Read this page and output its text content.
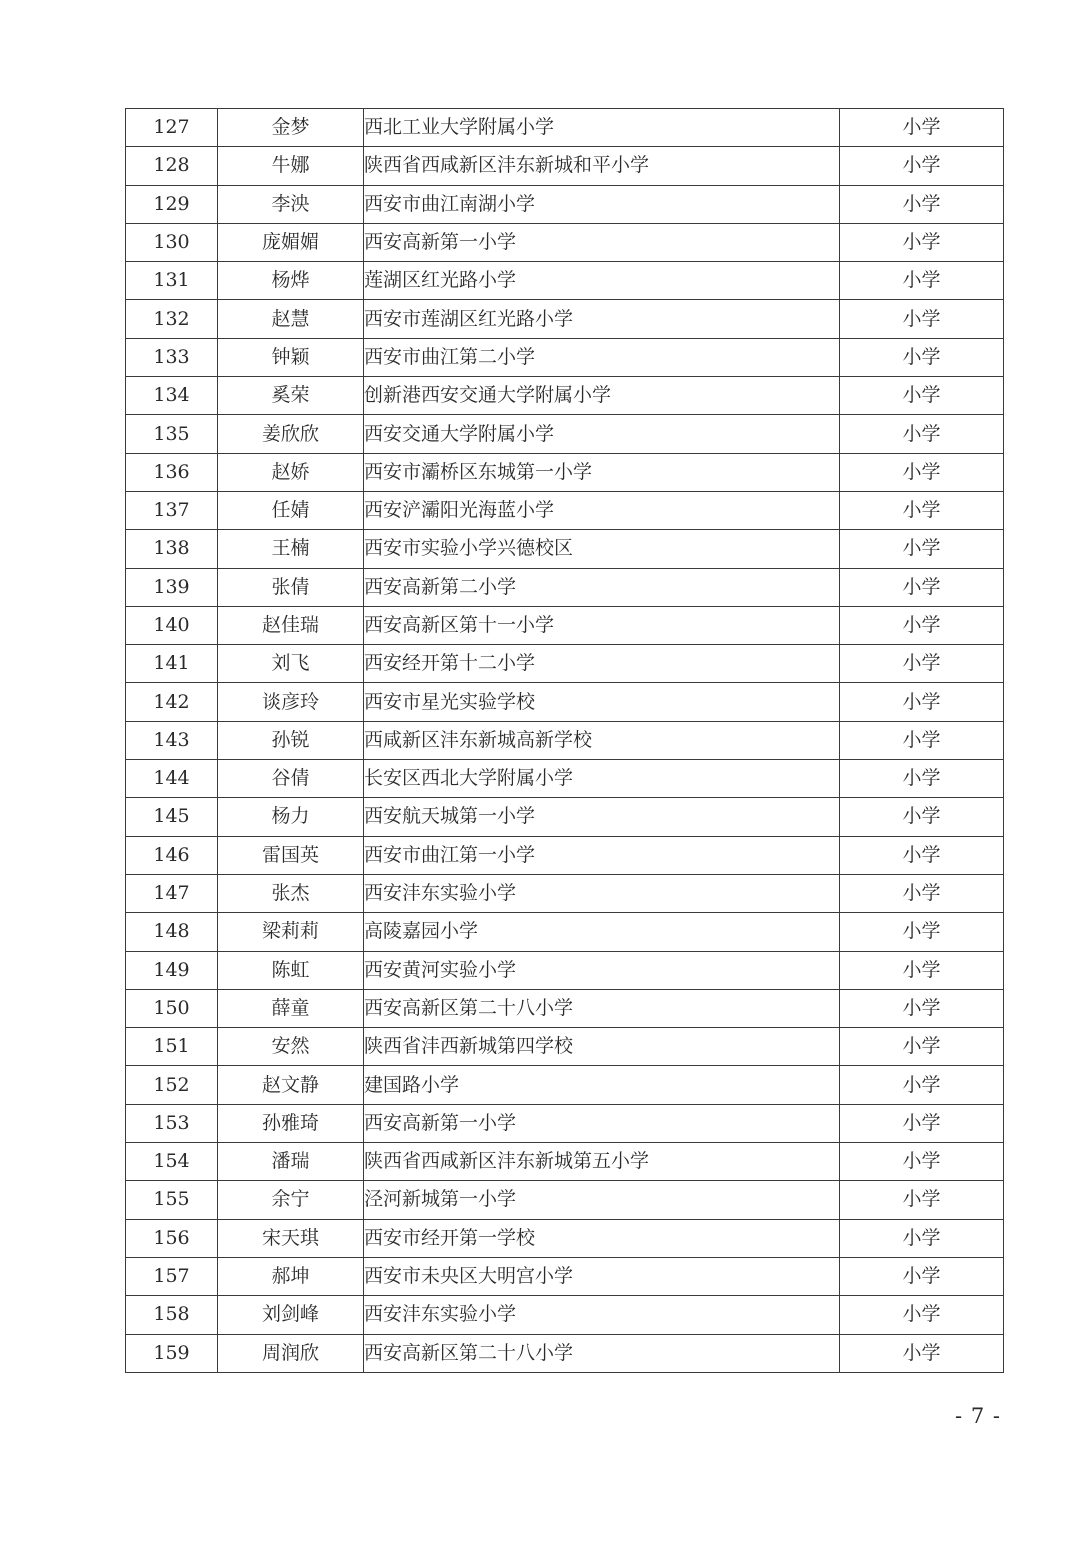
127	金梦	西北工业大学附属小学	小学
128	牛娜	陕西省西咸新区沣东新城和平小学	小学
129	李泱	西安市曲江南湖小学	小学
130	庞媚媚	西安高新第一小学	小学
131	杨烨	莲湖区红光路小学	小学
132	赵慧	西安市莲湖区红光路小学	小学
133	钟颖	西安市曲江第二小学	小学
134	奚荣	创新港西安交通大学附属小学	小学
135	姜欣欣	西安交通大学附属小学	小学
136	赵娇	西安市灞桥区东城第一小学	小学
137	任婧	西安浐灞阳光海蓝小学	小学
138	王楠	西安市实验小学兴德校区	小学
139	张倩	西安高新第二小学	小学
140	赵佳瑞	西安高新区第十一小学	小学
141	刘飞	西安经开第十二小学	小学
142	谈彦玲	西安市星光实验学校	小学
143	孙锐	西咸新区沣东新城高新学校	小学
144	谷倩	长安区西北大学附属小学	小学
145	杨力	西安航天城第一小学	小学
146	雷国英	西安市曲江第一小学	小学
147	张杰	西安沣东实验小学	小学
148	梁莉莉	高陵嘉园小学	小学
149	陈虹	西安黄河实验小学	小学
150	薛童	西安高新区第二十八小学	小学
151	安然	陕西省沣西新城第四学校	小学
152	赵文静	建国路小学	小学
153	孙雅琦	西安高新第一小学	小学
154	潘瑞	陕西省西咸新区沣东新城第五小学	小学
155	余宁	泾河新城第一小学	小学
156	宋天琪	西安市经开第一学校	小学
157	郝坤	西安市未央区大明宫小学	小学
158	刘剑峰	西安沣东实验小学	小学
159	周润欣	西安高新区第二十八小学	小学
- 7 -
